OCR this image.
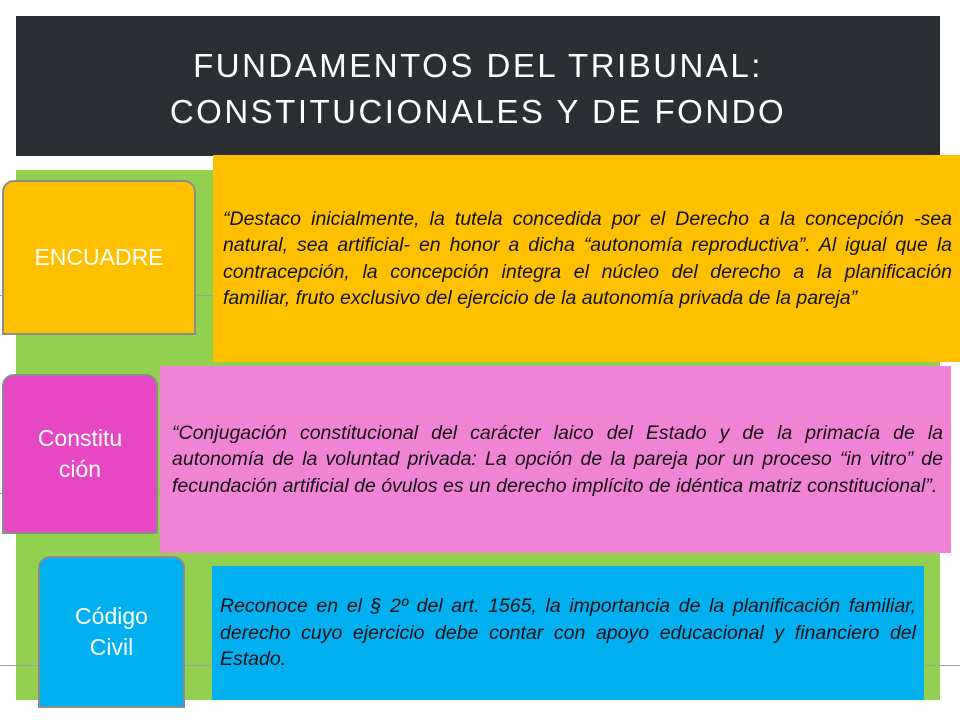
FUNDAMENTOS DEL TRIBUNAL:
CONSTITUCIONALES Y DE FONDO

“Destaco inicialmente, la tutela concedida por el Derecho a la concepción -sea natural, sea artificial- en honor a dicha “autonomía reproductiva”. Al igual que la contracepción, la concepción integra el núcleo del derecho a la planificación familiar, fruto exclusivo del ejercicio de la autonomía privada de la pareja”

ENCUADRE

“Conjugación constitucional del carácter laico del Estado y de la primacía de la autonomía de la voluntad privada: La opción de la pareja por un proceso “in vitro” de fecundación artificial de óvulos es un derecho implícito de idéntica matriz constitucional”.

Constitu
ción

Reconoce en el § 2º del art. 1565, la importancia de la planificación familiar, derecho cuyo ejercicio debe contar con apoyo educacional y financiero del Estado.

Código
Civil
